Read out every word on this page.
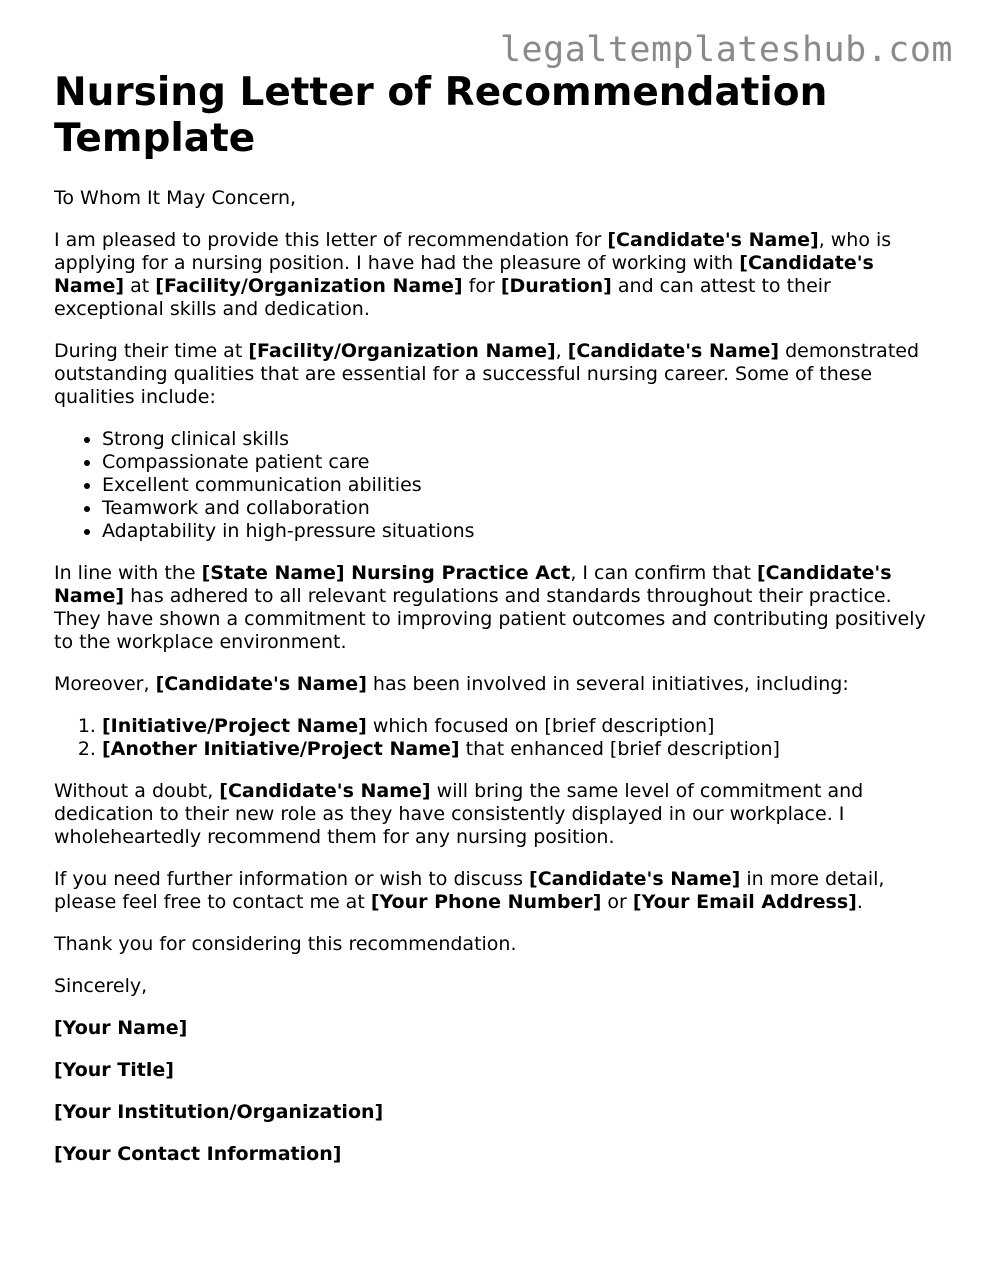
legaltemplateshub.com

Nursing Letter of Recommendation Template

To Whom It May Concern,

I am pleased to provide this letter of recommendation for [Candidate's Name], who is applying for a nursing position. I have had the pleasure of working with [Candidate's Name] at [Facility/Organization Name] for [Duration] and can attest to their exceptional skills and dedication.

During their time at [Facility/Organization Name], [Candidate's Name] demonstrated outstanding qualities that are essential for a successful nursing career. Some of these qualities include:

• Strong clinical skills
• Compassionate patient care
• Excellent communication abilities
• Teamwork and collaboration
• Adaptability in high-pressure situations

In line with the [State Name] Nursing Practice Act, I can confirm that [Candidate's Name] has adhered to all relevant regulations and standards throughout their practice. They have shown a commitment to improving patient outcomes and contributing positively to the workplace environment.

Moreover, [Candidate's Name] has been involved in several initiatives, including:

1. [Initiative/Project Name] which focused on [brief description]
2. [Another Initiative/Project Name] that enhanced [brief description]

Without a doubt, [Candidate's Name] will bring the same level of commitment and dedication to their new role as they have consistently displayed in our workplace. I wholeheartedly recommend them for any nursing position.

If you need further information or wish to discuss [Candidate's Name] in more detail, please feel free to contact me at [Your Phone Number] or [Your Email Address].

Thank you for considering this recommendation.

Sincerely,

[Your Name]

[Your Title]

[Your Institution/Organization]

[Your Contact Information]
